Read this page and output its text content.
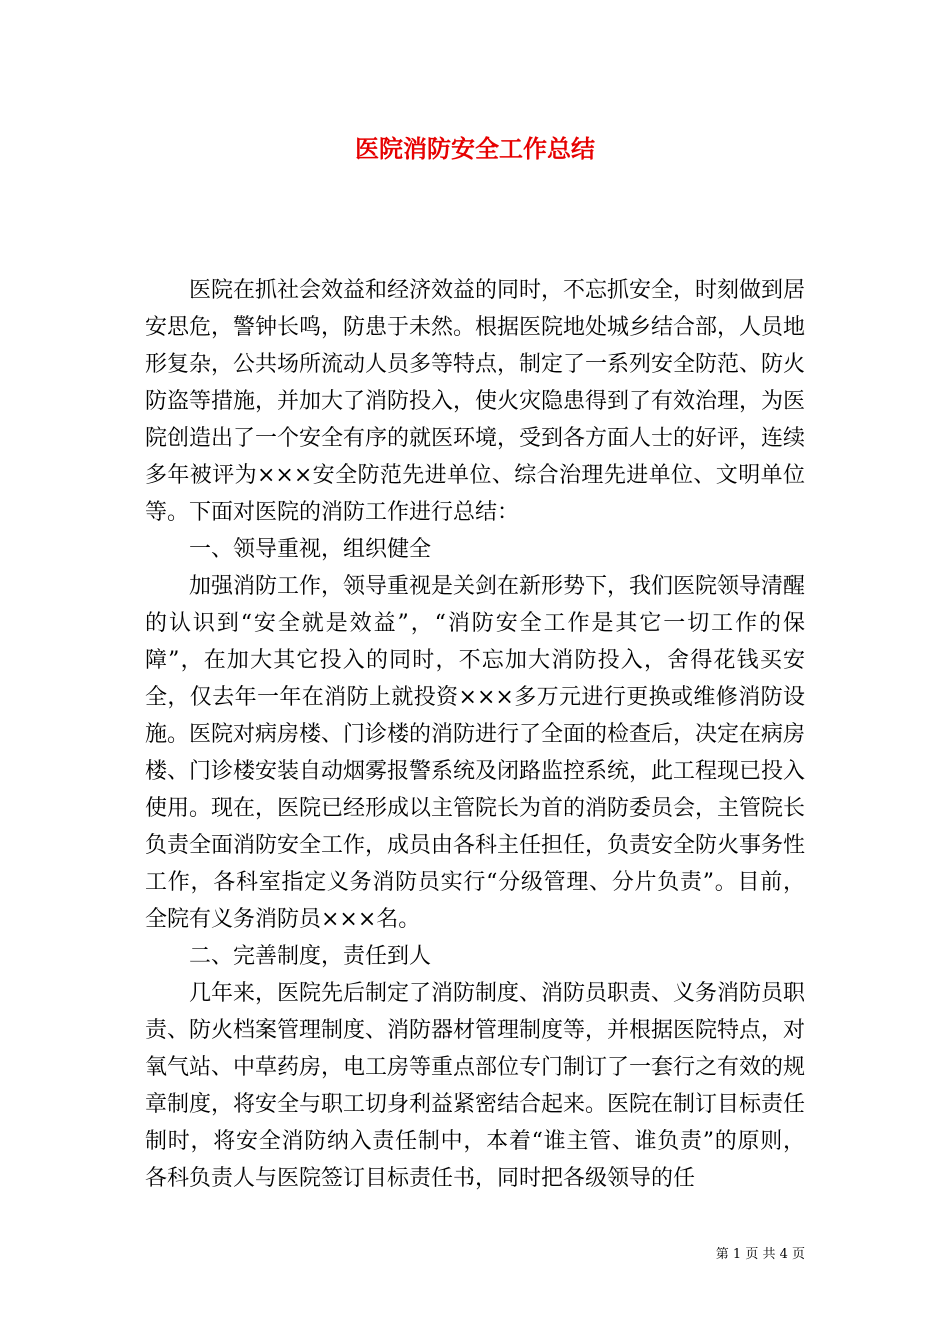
医院消防安全工作总结

医院在抓社会效益和经济效益的同时，不忘抓安全，时刻做到居安思危，警钟长鸣，防患于未然。根据医院地处城乡结合部，人员地形复杂，公共场所流动人员多等特点，制定了一系列安全防范、防火防盗等措施，并加大了消防投入，使火灾隐患得到了有效治理，为医院创造出了一个安全有序的就医环境，受到各方面人士的好评，连续多年被评为×××安全防范先进单位、综合治理先进单位、文明单位等。下面对医院的消防工作进行总结：

一、领导重视，组织健全

加强消防工作，领导重视是关剑在新形势下，我们医院领导清醒的认识到“安全就是效益”，“消防安全工作是其它一切工作的保障”，在加大其它投入的同时，不忘加大消防投入，舍得花钱买安全，仅去年一年在消防上就投资×××多万元进行更换或维修消防设施。医院对病房楼、门诊楼的消防进行了全面的检查后，决定在病房楼、门诊楼安装自动烟雾报警系统及闭路监控系统，此工程现已投入使用。现在，医院已经形成以主管院长为首的消防委员会，主管院长负责全面消防安全工作，成员由各科主任担任，负责安全防火事务性工作，各科室指定义务消防员实行“分级管理、分片负责”。目前，全院有义务消防员×××名。

二、完善制度，责任到人

几年来，医院先后制定了消防制度、消防员职责、义务消防员职责、防火档案管理制度、消防器材管理制度等，并根据医院特点，对氧气站、中草药房，电工房等重点部位专门制订了一套行之有效的规章制度，将安全与职工切身利益紧密结合起来。医院在制订目标责任制时，将安全消防纳入责任制中，本着“谁主管、谁负责”的原则，各科负责人与医院签订目标责任书，同时把各级领导的任

第 1 页 共 4 页
